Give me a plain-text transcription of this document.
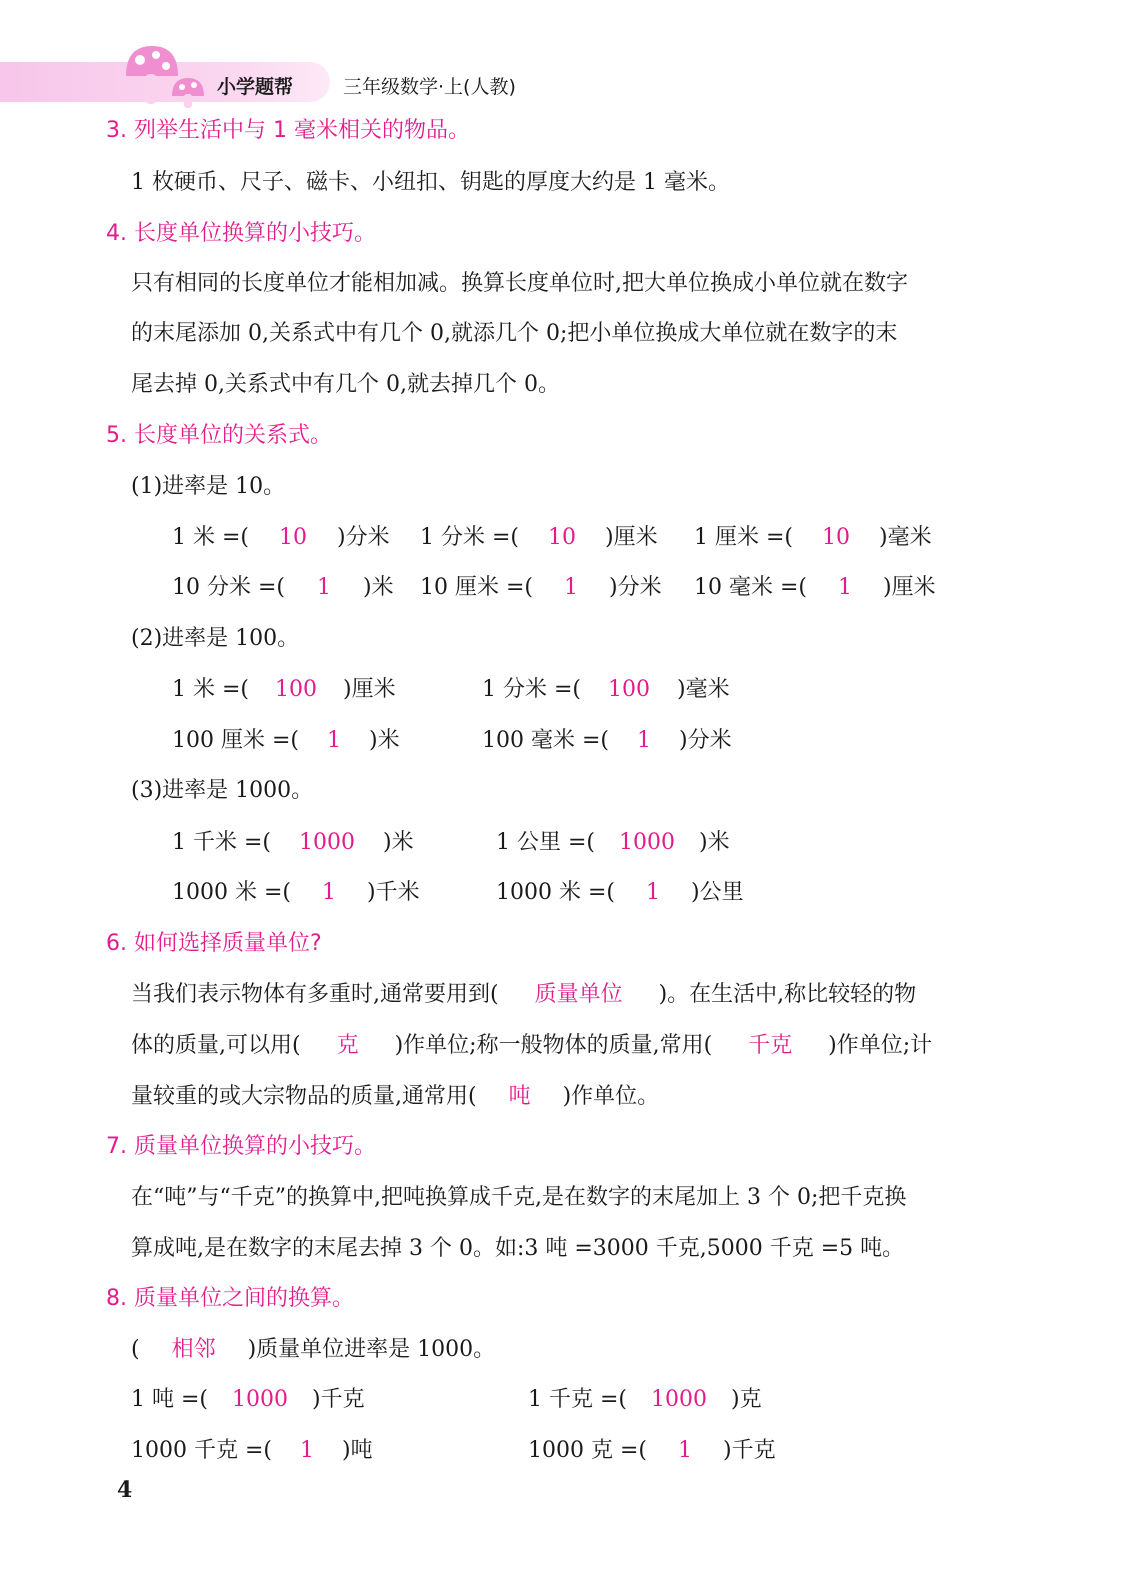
小学题帮	三年级数学·上(人教)
3. 列举生活中与 1 毫米相关的物品。
1 枚硬币、尺子、磁卡、小纽扣、钥匙的厚度大约是 1 毫米。
4. 长度单位换算的小技巧。
只有相同的长度单位才能相加减。换算长度单位时,把大单位换成小单位就在数字
的末尾添加 0,关系式中有几个 0,就添几个 0;把小单位换成大单位就在数字的末
尾去掉 0,关系式中有几个 0,就去掉几个 0。
5. 长度单位的关系式。
(1)进率是 10。
1 米 =( 10 )分米 1 分米 =( 10 )厘米 1 厘米 =( 10 )毫米
10 分米 =( 1 )米 10 厘米 =( 1 )分米 10 毫米 =( 1 )厘米
(2)进率是 100。
1 米 =( 100 )厘米	1 分米 =( 100 )毫米
100 厘米 =( 1 )米	100 毫米 =( 1 )分米
(3)进率是 1000。
1 千米 =( 1000 )米	1 公里 =( 1000 )米
1000 米 =( 1 )千米	1000 米 =( 1 )公里
6. 如何选择质量单位?
当我们表示物体有多重时,通常要用到( 质量单位 )。在生活中,称比较轻的物
体的质量,可以用( 克 )作单位;称一般物体的质量,常用( 千克 )作单位;计
量较重的或大宗物品的质量,通常用( 吨 )作单位。
7. 质量单位换算的小技巧。
在“吨”与“千克”的换算中,把吨换算成千克,是在数字的末尾加上 3 个 0;把千克换
算成吨,是在数字的末尾去掉 3 个 0。如:3 吨 =3000 千克,5000 千克 =5 吨。
8. 质量单位之间的换算。
( 相邻 )质量单位进率是 1000。
1 吨 =( 1000 )千克	1 千克 =( 1000 )克
1000 千克 =( 1 )吨	1000 克 =( 1 )千克
4
